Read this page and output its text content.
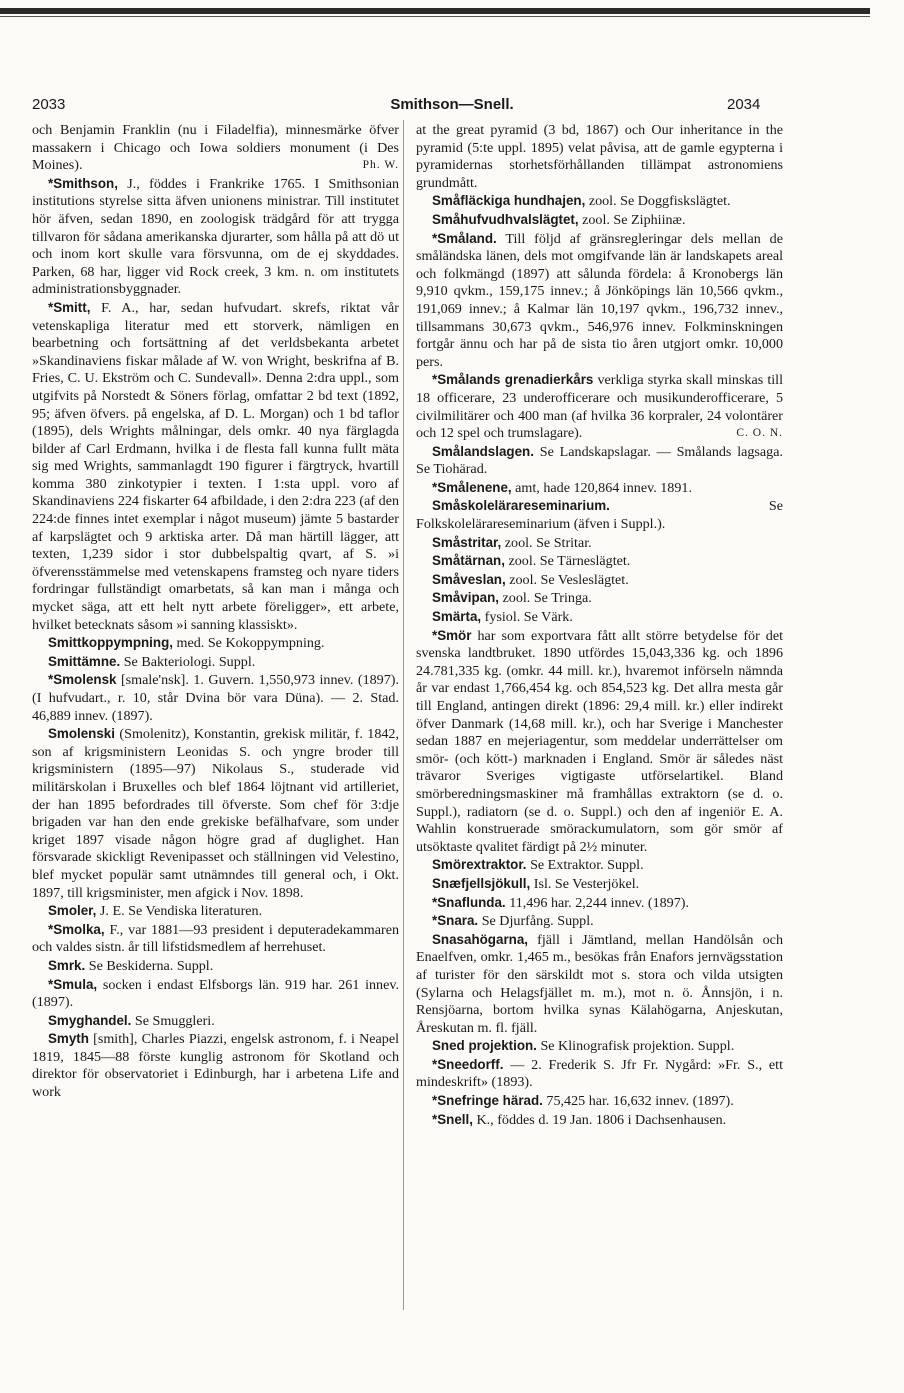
2033	Smithson—Snell.	2034

och Benjamin Franklin (nu i Filadelfia), minnesmärke öfver massakern i Chicago och Iowa soldiers monument (i Des Moines).	Ph. W.

*Smithson, J., föddes i Frankrike 1765. I Smithsonian institutions styrelse sitta äfven unionens ministrar. Till institutet hör äfven, sedan 1890, en zoologisk trädgård för att trygga tillvaron för sådana amerikanska djurarter, som hålla på att dö ut och inom kort skulle vara försvunna, om de ej skyddades. Parken, 68 har, ligger vid Rock creek, 3 km. n. om institutets administrationsbyggnader.

*Smitt, F. A., har, sedan hufvudart. skrefs, riktat vår vetenskapliga literatur med ett storverk, nämligen en bearbetning och fortsättning af det verldsbekanta arbetet »Skandinaviens fiskar målade af W. von Wright, beskrifna af B. Fries, C. U. Ekström och C. Sundevall». Denna 2:dra uppl., som utgifvits på Norstedt & Söners förlag, omfattar 2 bd text (1892, 95; äfven öfvers. på engelska, af D. L. Morgan) och 1 bd taflor (1895), dels Wrights målningar, dels omkr. 40 nya färglagda bilder af Carl Erdmann, hvilka i de flesta fall kunna fullt mäta sig med Wrights, sammanlagdt 190 figurer i färgtryck, hvartill komma 380 zinkotypier i texten. I 1:sta uppl. voro af Skandinaviens 224 fiskarter 64 afbildade, i den 2:dra 223 (af den 224:de finnes intet exemplar i något museum) jämte 5 bastarder af karpslägtet och 9 arktiska arter. Då man härtill lägger, att texten, 1,239 sidor i stor dubbelspaltig qvart, af S. »i öfverensstämmelse med vetenskapens framsteg och nyare tiders fordringar fullständigt omarbetats, så kan man i många och mycket säga, att ett helt nytt arbete föreligger», ett arbete, hvilket betecknats såsom »i sanning klassiskt».

Smittkoppympning, med. Se Kokoppympning.

Smittämne. Se Bakteriologi. Suppl.

*Smolensk [smale'nsk]. 1. Guvern. 1,550,973 innev. (1897). (I hufvudart., r. 10, står Dvina bör vara Düna). — 2. Stad. 46,889 innev. (1897).

Smolenski (Smolenitz), Konstantin, grekisk militär, f. 1842, son af krigsministern Leonidas S. och yngre broder till krigsministern (1895—97) Nikolaus S., studerade vid militärskolan i Bruxelles och blef 1864 löjtnant vid artilleriet, der han 1895 befordrades till öfverste. Som chef för 3:dje brigaden var han den ende grekiske befälhafvare, som under kriget 1897 visade någon högre grad af duglighet. Han försvarade skickligt Revenipasset och ställningen vid Velestino, blef mycket populär samt utnämndes till general och, i Okt. 1897, till krigsminister, men afgick i Nov. 1898.

Smoler, J. E. Se Vendiska literaturen.

*Smolka, F., var 1881—93 president i deputeradekammaren och valdes sistn. år till lifstidsmedlem af herrehuset.

Smrk. Se Beskiderna. Suppl.

*Smula, socken i endast Elfsborgs län. 919 har. 261 innev. (1897).

Smyghandel. Se Smuggleri.

Smyth [smith], Charles Piazzi, engelsk astronom, f. i Neapel 1819, 1845—88 förste kunglig astronom för Skotland och direktor för observatoriet i Edinburgh, har i arbetena Life and work

at the great pyramid (3 bd, 1867) och Our inheritance in the pyramid (5:te uppl. 1895) velat påvisa, att de gamle egypterna i pyramidernas storhetsförhållanden tillämpat astronomiens grundmått.

Småfläckiga hundhajen, zool. Se Doggfiskslägtet.

Småhufvudhvalslägtet, zool. Se Ziphiinæ.

*Småland. Till följd af gränsregleringar dels mellan de småländska länen, dels mot omgifvande län är landskapets areal och folkmängd (1897) att sålunda fördela: å Kronobergs län 9,910 qvkm., 159,175 innev.; å Jönköpings län 10,566 qvkm., 191,069 innev.; å Kalmar län 10,197 qvkm., 196,732 innev., tillsammans 30,673 qvkm., 546,976 innev. Folkminskningen fortgår ännu och har på de sista tio åren utgjort omkr. 10,000 pers.

*Smålands grenadierkårs verkliga styrka skall minskas till 18 officerare, 23 underofficerare och musikunderofficerare, 5 civilmilitärer och 400 man (af hvilka 36 korpraler, 24 volontärer och 12 spel och trumslagare).	C. O. N.

Smålandslagen. Se Landskapslagar. — Smålands lagsaga. Se Tiohärad.

*Smålenene, amt, hade 120,864 innev. 1891.

Småskolelärareseminarium.	Se Folkskolelärareseminarium (äfven i Suppl.).

Småstritar, zool. Se Stritar.

Småtärnan, zool. Se Tärneslägtet.

Småveslan, zool. Se Vesleslägtet.

Småvipan, zool. Se Tringa.

Smärta, fysiol. Se Värk.

*Smör har som exportvara fått allt större betydelse för det svenska landtbruket. 1890 utfördes 15,043,336 kg. och 1896 24.781,335 kg. (omkr. 44 mill. kr.), hvaremot införseln nämnda år var endast 1,766,454 kg. och 854,523 kg. Det allra mesta går till England, antingen direkt (1896: 29,4 mill. kr.) eller indirekt öfver Danmark (14,68 mill. kr.), och har Sverige i Manchester sedan 1887 en mejeriagentur, som meddelar underrättelser om smör- (och kött-) marknaden i England. Smör är således näst trävaror Sveriges vigtigaste utförselartikel. Bland smörberedningsmaskiner må framhållas extraktorn (se d. o. Suppl.), radiatorn (se d. o. Suppl.) och den af ingeniör E. A. Wahlin konstruerade smörackumulatorn, som gör smör af utsöktaste qvalitet färdigt på 2½ minuter.

Smörextraktor. Se Extraktor. Suppl.

Snæfjellsjökull, Isl. Se Vesterjökel.

*Snaflunda. 11,496 har. 2,244 innev. (1897).

*Snara. Se Djurfång. Suppl.

Snasahögarna, fjäll i Jämtland, mellan Handölsån och Enaelfven, omkr. 1,465 m., besökas från Enafors jernvägsstation af turister för den särskildt mot s. stora och vilda utsigten (Sylarna och Helagsfjället m. m.), mot n. ö. Ånnsjön, i n. Rensjöarna, bortom hvilka synas Kälahögarna, Anjeskutan, Åreskutan m. fl. fjäll.

Sned projektion. Se Klinografisk projektion. Suppl.

*Sneedorff. — 2. Frederik S. Jfr Fr. Nygård: »Fr. S., ett mindeskrift» (1893).

*Snefringe härad. 75,425 har. 16,632 innev. (1897).

*Snell, K., föddes d. 19 Jan. 1806 i Dachsenhausen.
